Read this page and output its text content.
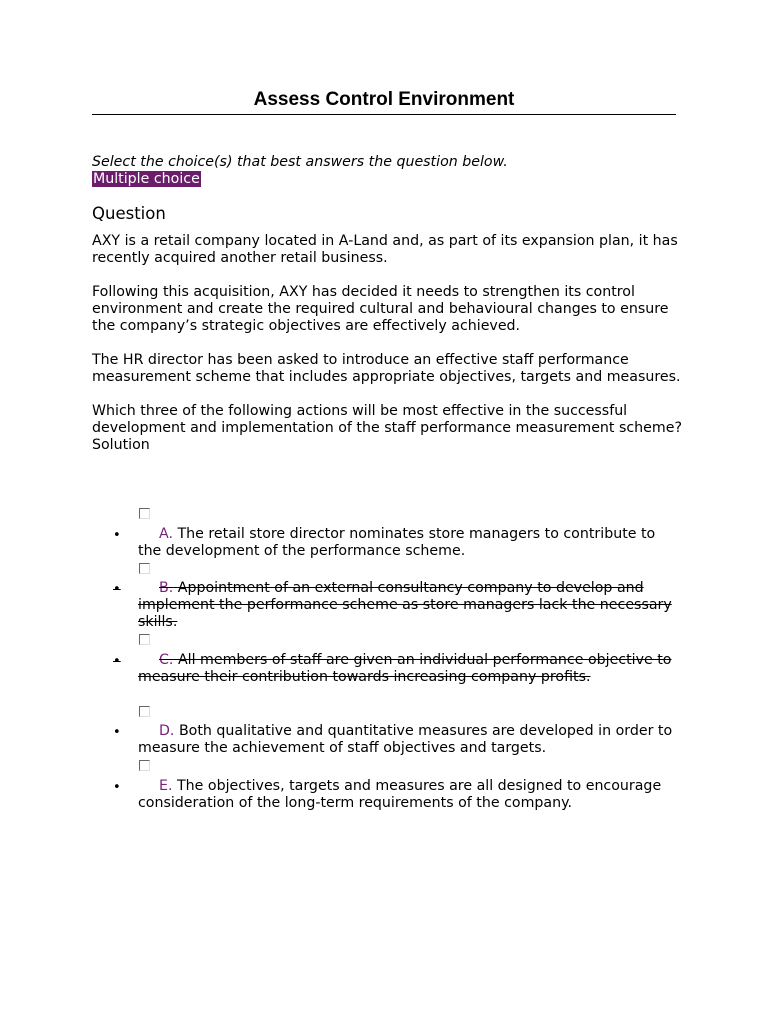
Assess Control Environment
Select the choice(s) that best answers the question below.
Multiple choice
Question

AXY is a retail company located in A-Land and, as part of its expansion plan, it has recently acquired another retail business.

Following this acquisition, AXY has decided it needs to strengthen its control environment and create the required cultural and behavioural changes to ensure the company’s strategic objectives are effectively achieved.

The HR director has been asked to introduce an effective staff performance measurement scheme that includes appropriate objectives, targets and measures.

Which three of the following actions will be most effective in the successful development and implementation of the staff performance measurement scheme?

Solution
•	A. The retail store director nominates store managers to contribute to the development of the performance scheme.
•	B. Appointment of an external consultancy company to develop and implement the performance scheme as store managers lack the necessary skills.
•	C. All members of staff are given an individual performance objective to measure their contribution towards increasing company profits.
•	D. Both qualitative and quantitative measures are developed in order to measure the achievement of staff objectives and targets.
•	E. The objectives, targets and measures are all designed to encourage consideration of the long-term requirements of the company.
